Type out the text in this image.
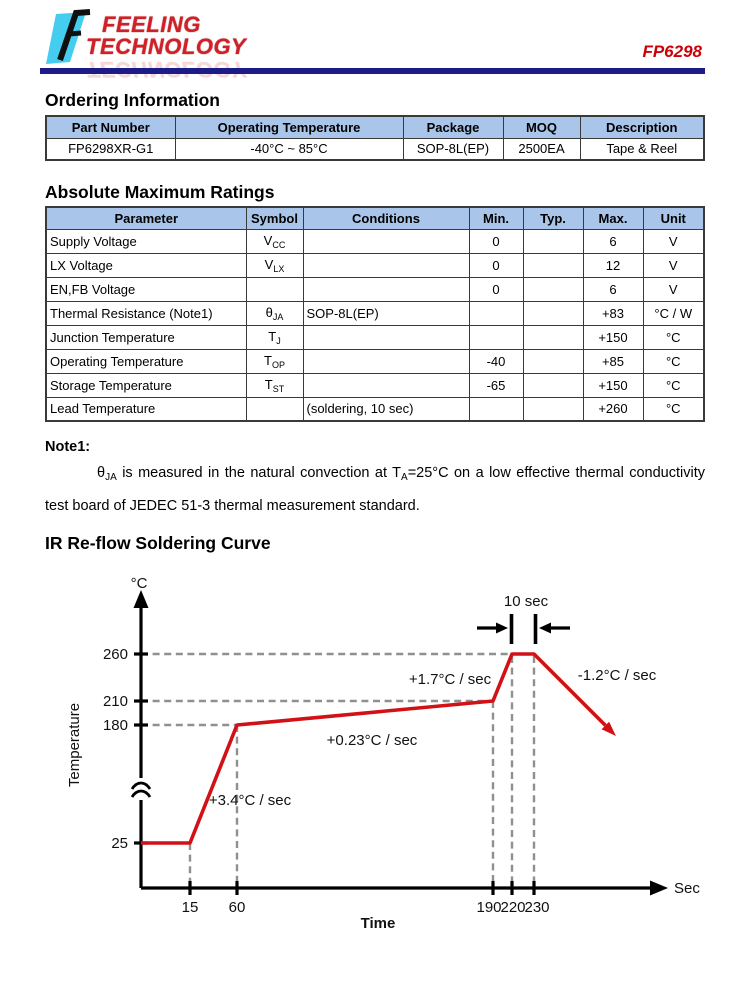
FEELING
TECHNOLOGY	FP6298
Ordering Information
Part Number	Operating Temperature	Package	MOQ	Description
FP6298XR-G1	-40°C ~ 85°C	SOP-8L(EP)	2500EA	Tape & Reel
Absolute Maximum Ratings
Parameter	Symbol	Conditions	Min.	Typ.	Max.	Unit
Supply Voltage	$V_{CC}$		0		6	V
LX Voltage	$V_{LX}$		0		12	V
EN,FB Voltage			0		6	V
Thermal Resistance (Note1)	$\theta_{JA}$	SOP-8L(EP)			+83	°C / W
Junction Temperature	$T_J$				+150	°C
Operating Temperature	$T_{OP}$		-40		+85	°C
Storage Temperature	$T_{ST}$		-65		+150	°C
Lead Temperature		(soldering, 10 sec)			+260	°C
Note1:

$\theta_{JA}$ is measured in the natural convection at $T_A=25^\circ C$ on a low effective thermal conductivity test board of JEDEC 51-3 thermal measurement standard.

IR Re-flow Soldering Curve
°C
260
210
180
25
15 60	190
220
230
Sec
Time
Temperature
10 sec
+3.4°C / sec
+0.23°C / sec
+1.7°C / sec	-1.2°C / sec
